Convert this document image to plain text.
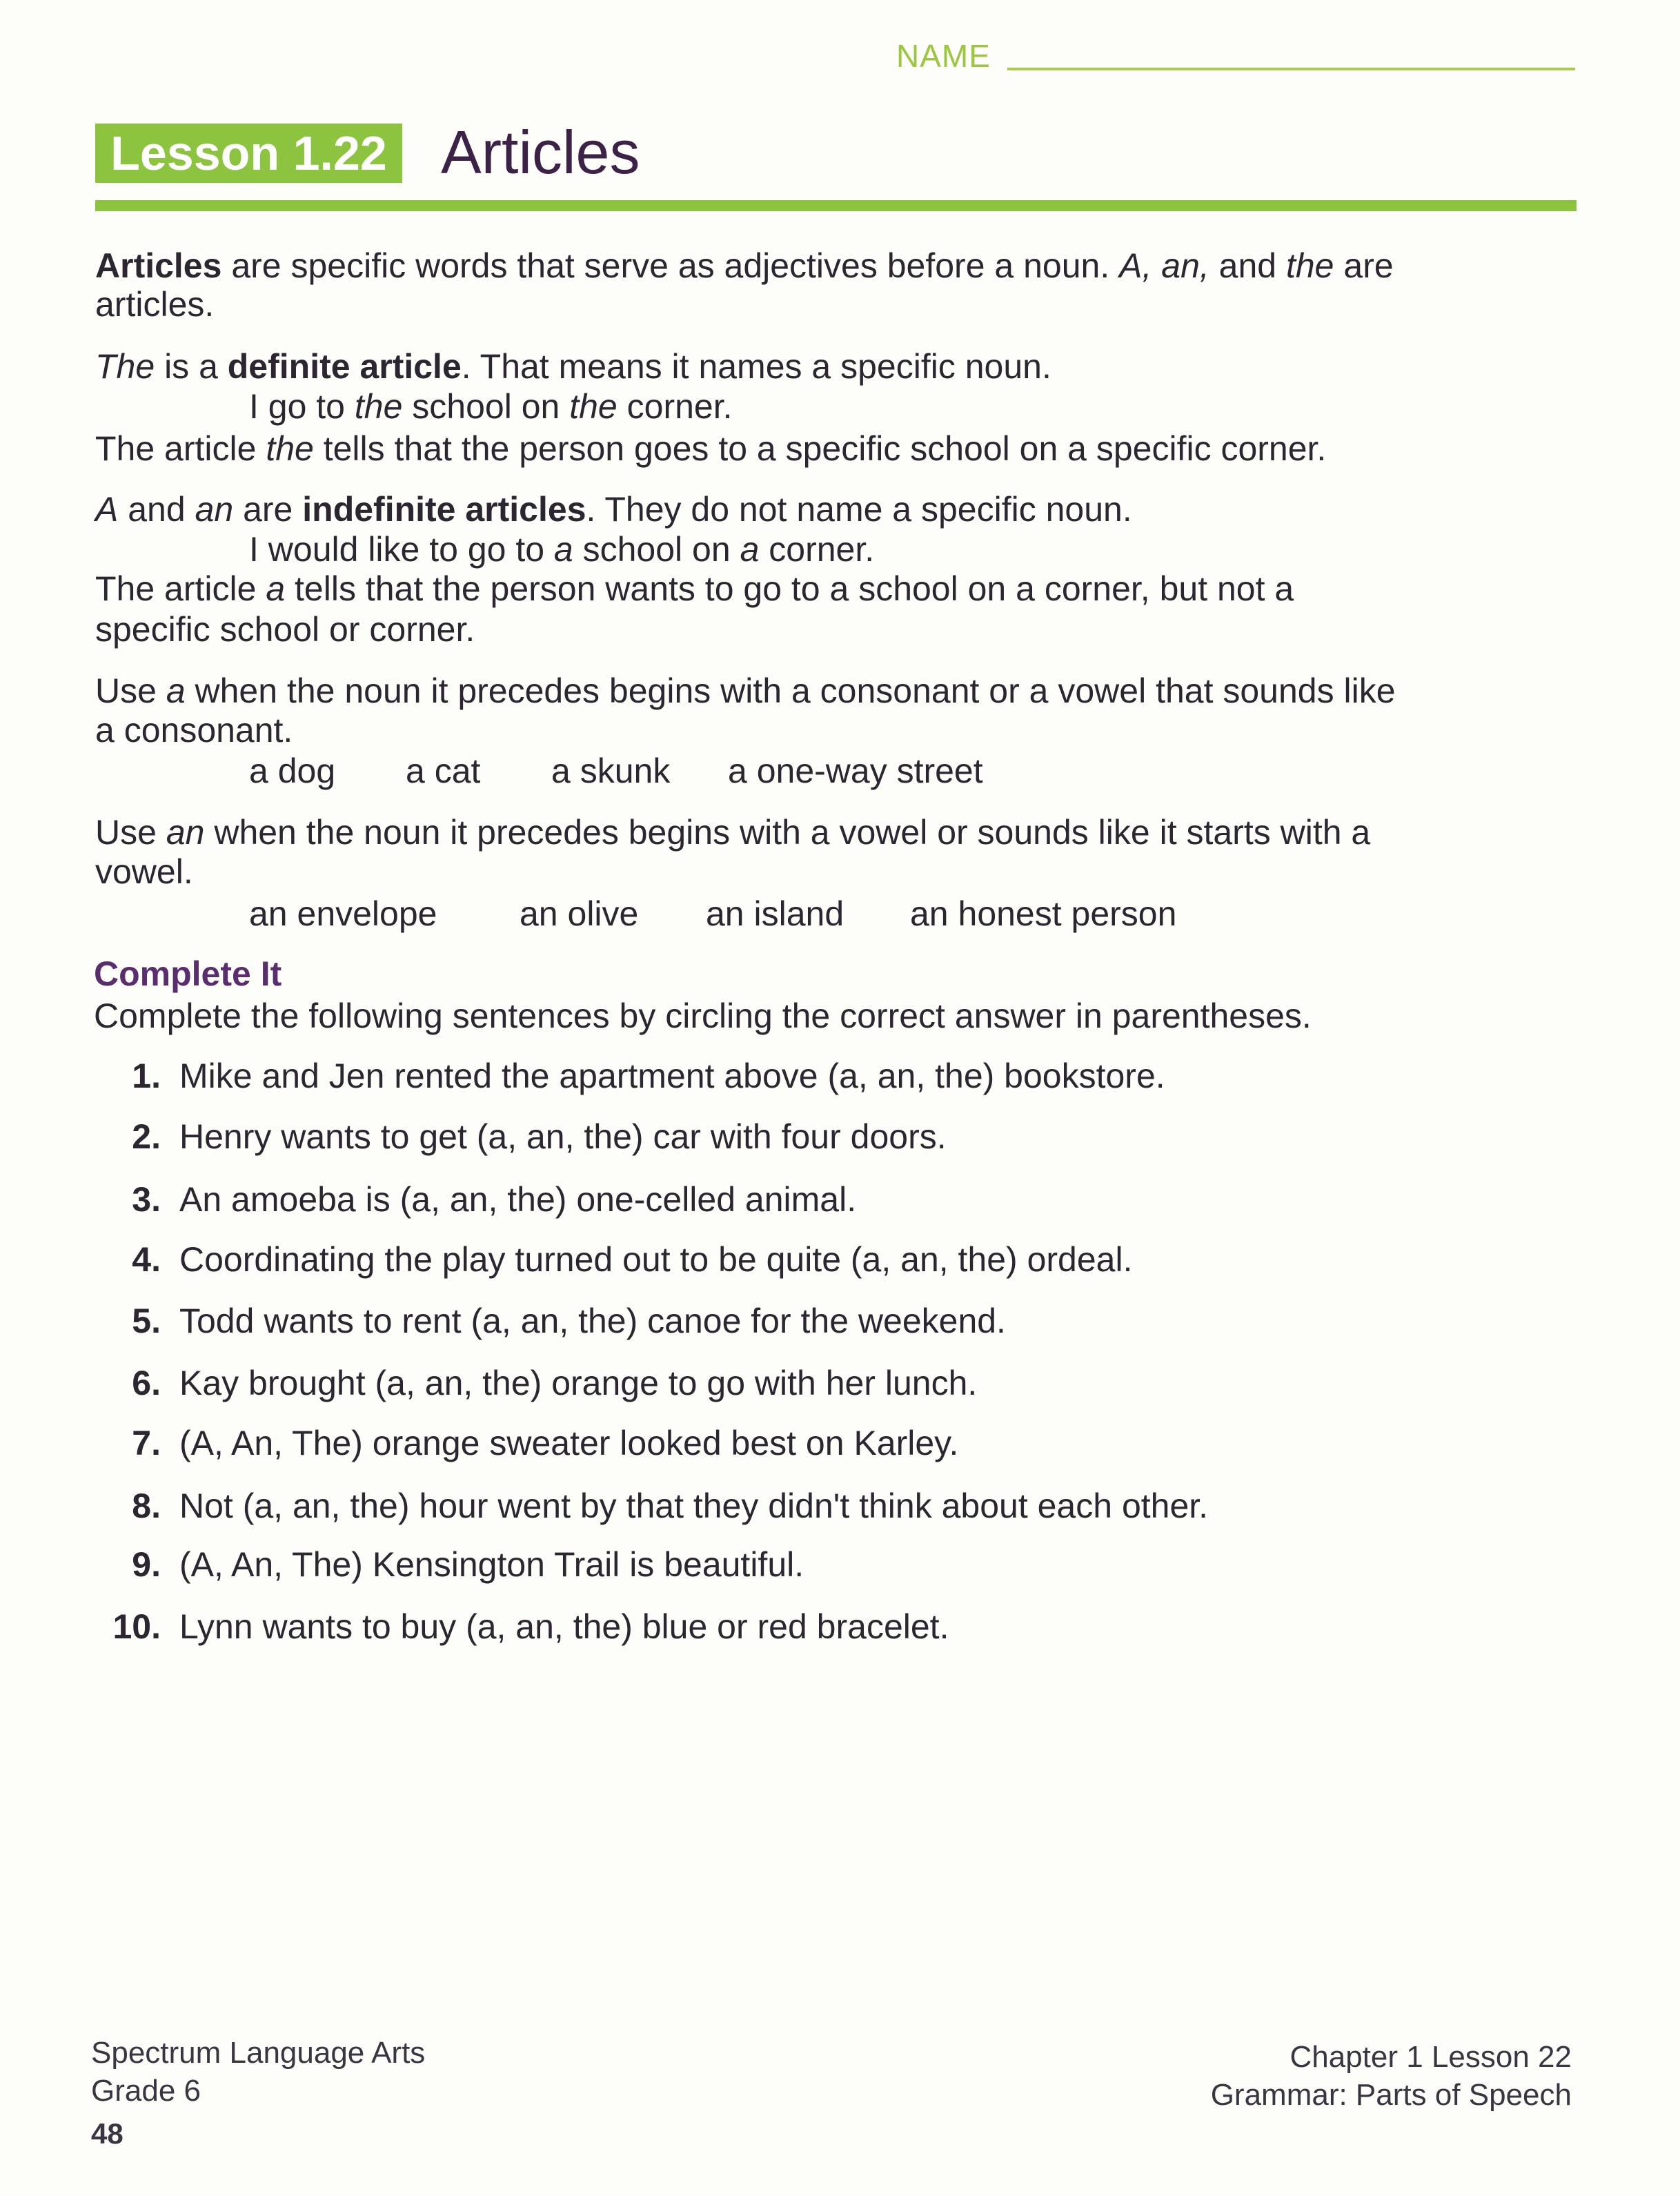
NAME
Lesson 1.22 Articles
Articles are specific words that serve as adjectives before a noun. A, an, and the are
articles.
The is a definite article. That means it names a specific noun.
I go to the school on the corner.
The article the tells that the person goes to a specific school on a specific corner.
A and an are indefinite articles. They do not name a specific noun.
I would like to go to a school on a corner.
The article a tells that the person wants to go to a school on a corner, but not a
specific school or corner.
Use a when the noun it precedes begins with a consonant or a vowel that sounds like
a consonant.
a dog a cat a skunk a one-way street
Use an when the noun it precedes begins with a vowel or sounds like it starts with a
vowel.
an envelope an olive an island an honest person
Complete It
Complete the following sentences by circling the correct answer in parentheses.
1. Mike and Jen rented the apartment above (a, an, the) bookstore.
2. Henry wants to get (a, an, the) car with four doors.
3. An amoeba is (a, an, the) one-celled animal.
4. Coordinating the play turned out to be quite (a, an, the) ordeal.
5. Todd wants to rent (a, an, the) canoe for the weekend.
6. Kay brought (a, an, the) orange to go with her lunch.
7. (A, An, The) orange sweater looked best on Karley.
8. Not (a, an, the) hour went by that they didn't think about each other.
9. (A, An, The) Kensington Trail is beautiful.
10. Lynn wants to buy (a, an, the) blue or red bracelet.
Spectrum Language Arts
Grade 6
48
Chapter 1 Lesson 22
Grammar: Parts of Speech
